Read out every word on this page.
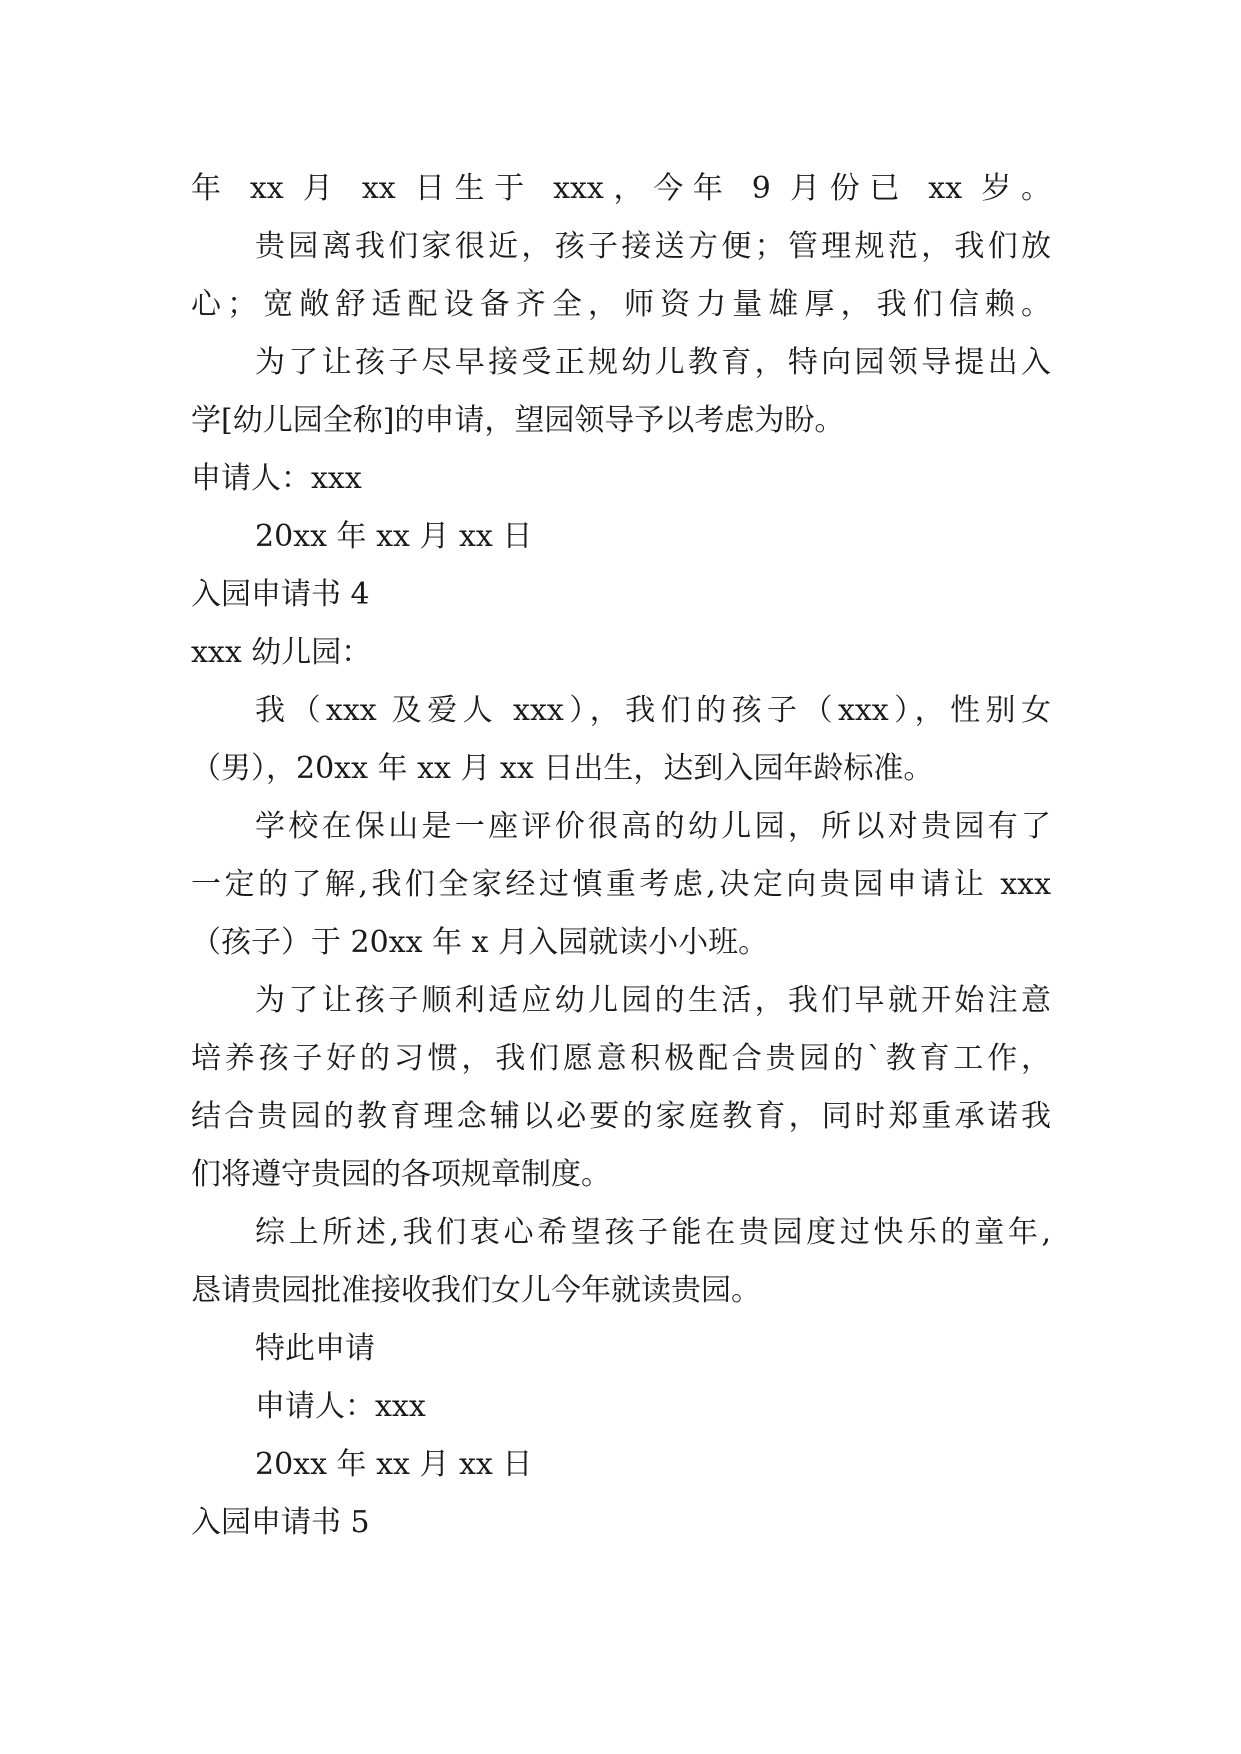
年 xx 月 xx 日生于 xxx，今年 9 月份已 xx 岁。
贵园离我们家很近，孩子接送方便；管理规范，我们放
心；宽敞舒适配设备齐全，师资力量雄厚，我们信赖。
为了让孩子尽早接受正规幼儿教育，特向园领导提出入
学[幼儿园全称]的申请，望园领导予以考虑为盼。
申请人：xxx
20xx 年 xx 月 xx 日
入园申请书 4
xxx 幼儿园：
我（xxx 及爱人 xxx），我们的孩子（xxx），性别女
（男），20xx 年 xx 月 xx 日出生，达到入园年龄标准。
学校在保山是一座评价很高的幼儿园，所以对贵园有了
一定的了解,我们全家经过慎重考虑,决定向贵园申请让 xxx
（孩子）于 20xx 年 x 月入园就读小小班。
为了让孩子顺利适应幼儿园的生活，我们早就开始注意
培养孩子好的习惯，我们愿意积极配合贵园的`教育工作，
结合贵园的教育理念辅以必要的家庭教育，同时郑重承诺我
们将遵守贵园的各项规章制度。
综上所述,我们衷心希望孩子能在贵园度过快乐的童年,
恳请贵园批准接收我们女儿今年就读贵园。
特此申请
申请人：xxx
20xx 年 xx 月 xx 日
入园申请书 5
